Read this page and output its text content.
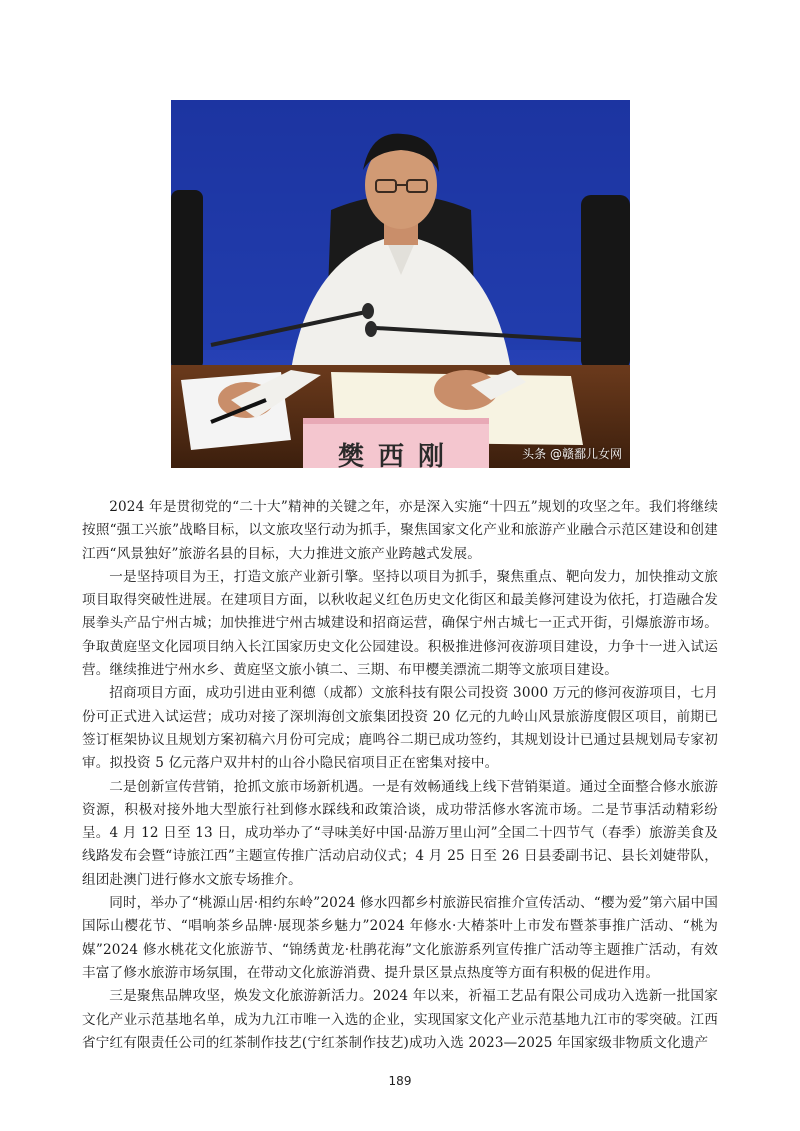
头条 @赣鄱儿女网
樊西刚

2024 年是贯彻党的“二十大”精神的关键之年，亦是深入实施“十四五”规划的攻坚之年。我们将继续按照“强工兴旅”战略目标，以文旅攻坚行动为抓手，聚焦国家文化产业和旅游产业融合示范区建设和创建江西“风景独好”旅游名县的目标，大力推进文旅产业跨越式发展。

一是坚持项目为王，打造文旅产业新引擎。坚持以项目为抓手，聚焦重点、靶向发力，加快推动文旅项目取得突破性进展。在建项目方面，以秋收起义红色历史文化街区和最美修河建设为依托，打造融合发展拳头产品宁州古城；加快推进宁州古城建设和招商运营，确保宁州古城七一正式开街，引爆旅游市场。争取黄庭坚文化园项目纳入长江国家历史文化公园建设。积极推进修河夜游项目建设，力争十一进入试运营。继续推进宁州水乡、黄庭坚文旅小镇二、三期、布甲樱美漂流二期等文旅项目建设。

招商项目方面，成功引进由亚利德（成都）文旅科技有限公司投资 3000 万元的修河夜游项目，七月份可正式进入试运营；成功对接了深圳海创文旅集团投资 20 亿元的九岭山风景旅游度假区项目，前期已签订框架协议且规划方案初稿六月份可完成；鹿鸣谷二期已成功签约，其规划设计已通过县规划局专家初审。拟投资 5 亿元落户双井村的山谷小隐民宿项目正在密集对接中。

二是创新宣传营销，抢抓文旅市场新机遇。一是有效畅通线上线下营销渠道。通过全面整合修水旅游资源，积极对接外地大型旅行社到修水踩线和政策洽谈，成功带活修水客流市场。二是节事活动精彩纷呈。4 月 12 日至 13 日，成功举办了“寻味美好中国·品游万里山河”全国二十四节气（春季）旅游美食及线路发布会暨“诗旅江西”主题宣传推广活动启动仪式；4 月 25 日至 26 日县委副书记、县长刘婕带队，组团赴澳门进行修水文旅专场推介。

同时，举办了“桃源山居·相约东岭”2024 修水四都乡村旅游民宿推介宣传活动、“樱为爱”第六届中国国际山樱花节、“唱响茶乡品牌·展现茶乡魅力”2024 年修水·大椿茶叶上市发布暨茶事推广活动、“桃为媒”2024 修水桃花文化旅游节、“锦绣黄龙·杜鹃花海”文化旅游系列宣传推广活动等主题推广活动，有效丰富了修水旅游市场氛围，在带动文化旅游消费、提升景区景点热度等方面有积极的促进作用。

三是聚焦品牌攻坚，焕发文化旅游新活力。2024 年以来，祈福工艺品有限公司成功入选新一批国家文化产业示范基地名单，成为九江市唯一入选的企业，实现国家文化产业示范基地九江市的零突破。江西省宁红有限责任公司的红茶制作技艺(宁红茶制作技艺)成功入选 2023—2025 年国家级非物质文化遗产

189
